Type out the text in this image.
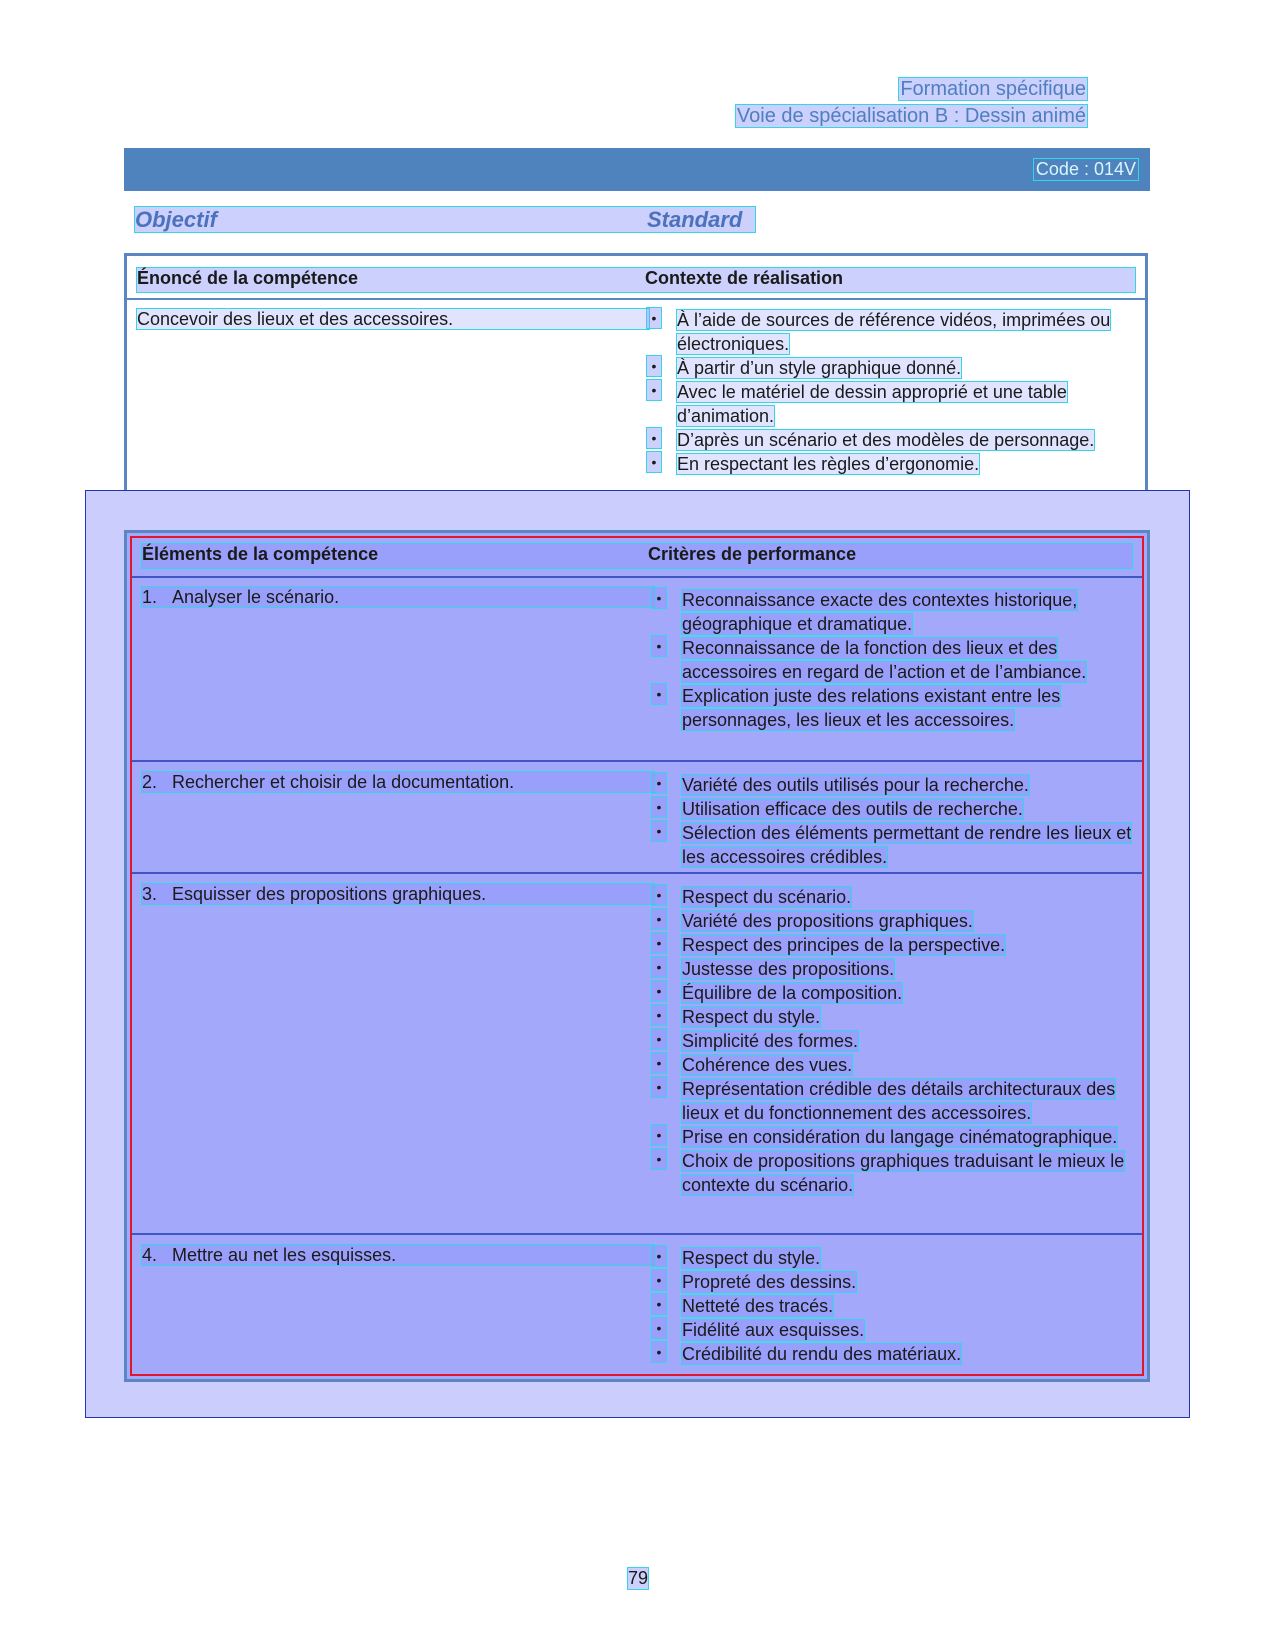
Formation spécifique
Voie de spécialisation B : Dessin animé
Code : 014V
Objectif	Standard
Énoncé de la compétence	Contexte de réalisation
Concevoir des lieux et des accessoires.	• À l’aide de sources de référence vidéos, imprimées ou électroniques.
• À partir d’un style graphique donné.
• Avec le matériel de dessin approprié et une table d’animation.
• D’après un scénario et des modèles de personnage.
• En respectant les règles d’ergonomie.
Éléments de la compétence	Critères de performance
1. Analyser le scénario.	• Reconnaissance exacte des contextes historique, géographique et dramatique.
• Reconnaissance de la fonction des lieux et des accessoires en regard de l’action et de l’ambiance.
• Explication juste des relations existant entre les personnages, les lieux et les accessoires.
2. Rechercher et choisir de la documentation.	• Variété des outils utilisés pour la recherche.
• Utilisation efficace des outils de recherche.
• Sélection des éléments permettant de rendre les lieux et les accessoires crédibles.
3. Esquisser des propositions graphiques.	• Respect du scénario.
• Variété des propositions graphiques.
• Respect des principes de la perspective.
• Justesse des propositions.
• Équilibre de la composition.
• Respect du style.
• Simplicité des formes.
• Cohérence des vues.
• Représentation crédible des détails architecturaux des lieux et du fonctionnement des accessoires.
• Prise en considération du langage cinématographique.
• Choix de propositions graphiques traduisant le mieux le contexte du scénario.
4. Mettre au net les esquisses.	• Respect du style.
• Propreté des dessins.
• Netteté des tracés.
• Fidélité aux esquisses.
• Crédibilité du rendu des matériaux.
79
